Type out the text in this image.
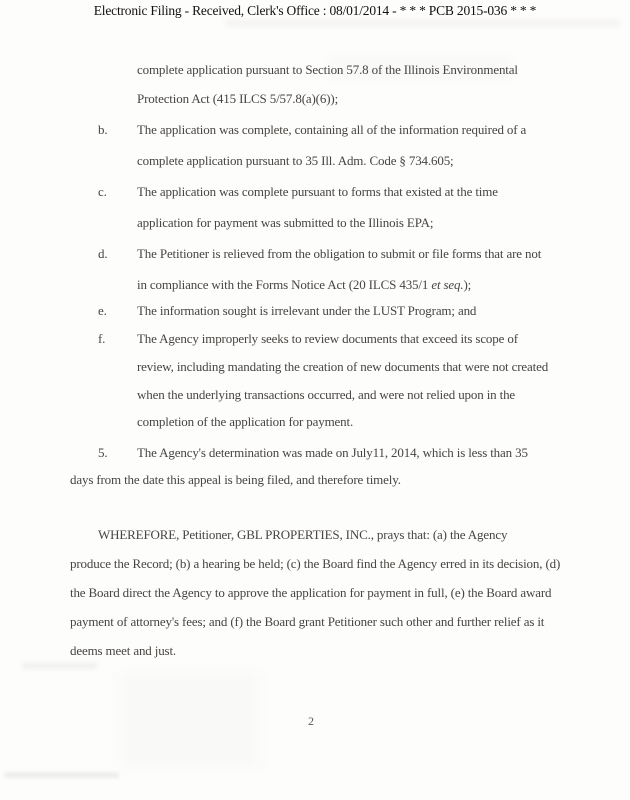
Electronic Filing - Received, Clerk's Office : 08/01/2014 - * * * PCB 2015-036 * * *
complete application pursuant to Section 57.8 of the Illinois Environmental
Protection Act (415 ILCS 5/57.8(a)(6));
b. The application was complete, containing all of the information required of a
complete application pursuant to 35 Ill. Adm. Code § 734.605;
c. The application was complete pursuant to forms that existed at the time
application for payment was submitted to the Illinois EPA;
d. The Petitioner is relieved from the obligation to submit or file forms that are not
in compliance with the Forms Notice Act (20 ILCS 435/1 et seq.);
e. The information sought is irrelevant under the LUST Program; and
f. The Agency improperly seeks to review documents that exceed its scope of
review, including mandating the creation of new documents that were not created
when the underlying transactions occurred, and were not relied upon in the
completion of the application for payment.
5. The Agency's determination was made on July11, 2014, which is less than 35
days from the date this appeal is being filed, and therefore timely.
WHEREFORE, Petitioner, GBL PROPERTIES, INC., prays that: (a) the Agency
produce the Record; (b) a hearing be held; (c) the Board find the Agency erred in its decision, (d)
the Board direct the Agency to approve the application for payment in full, (e) the Board award
payment of attorney's fees; and (f) the Board grant Petitioner such other and further relief as it
deems meet and just.
2
